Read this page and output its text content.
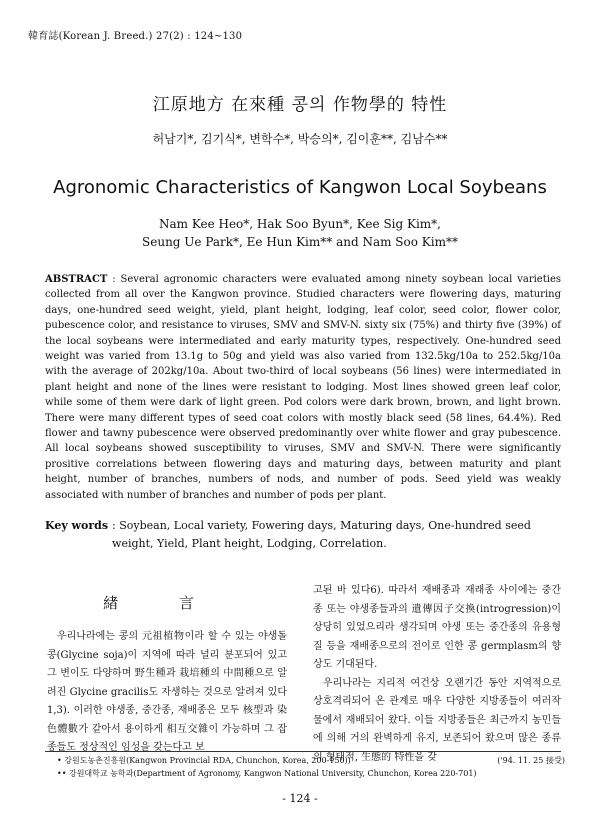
韓育誌(Korean J. Breed.) 27(2) : 124~130
江原地方 在來種 콩의 作物學的 特性
허남기*, 김기식*, 변학수*, 박승의*, 김이훈**, 김남수**
Agronomic Characteristics of Kangwon Local Soybeans
Nam Kee Heo*, Hak Soo Byun*, Kee Sig Kim*,
Seung Ue Park*, Ee Hun Kim** and Nam Soo Kim**
ABSTRACT : Several agronomic characters were evaluated among ninety soybean local varieties collected from all over the Kangwon province. Studied characters were flowering days, maturing days, one-hundred seed weight, yield, plant height, lodging, leaf color, seed color, flower color, pubescence color, and resistance to viruses, SMV and SMV-N. sixty six (75%) and thirty five (39%) of the local soybeans were intermediated and early maturity types, respectively. One-hundred seed weight was varied from 13.1g to 50g and yield was also varied from 132.5kg/10a to 252.5kg/10a with the average of 202kg/10a. About two-third of local soybeans (56 lines) were intermediated in plant height and none of the lines were resistant to lodging. Most lines showed green leaf color, while some of them were dark of light green. Pod colors were dark brown, brown, and light brown. There were many different types of seed coat colors with mostly black seed (58 lines, 64.4%). Red flower and tawny pubescence were observed predominantly over white flower and gray pubescence. All local soybeans showed susceptibility to viruses, SMV and SMV-N. There were significantly prositive correlations between flowering days and maturing days, between maturity and plant height, number of branches, numbers of nods, and number of pods. Seed yield was weakly associated with number of branches and number of pods per plant.
Key words : Soybean, Local variety, Fowering days, Maturing days, One-hundred seed weight, Yield, Plant height, Lodging, Correlation.
緖 言
우리나라에는 콩의 元祖植物이라 할 수 있는 야생돌콩(Glycine soja)이 지역에 따라 널리 분포되어 있고 그 변이도 다양하며 野生種과 栽培種의 中間種으로 알려진 Glycine gracilis도 자생하는 것으로 알려져 있다1,3). 이러한 야생종, 중간종, 재배종은 모두 核型과 染色體數가 같아서 용이하게 相互交雜이 가능하며 그 잡종들도 정상적인 임성을 갖는다고 보
고된 바 있다6). 따라서 재배종과 재래종 사이에는 중간종 또는 야생종들과의 遺傳因子交換(introgression)이 상당히 있었으리라 생각되며 야생 또는 중간종의 유용형질 등을 재배종으로의 전이로 인한 콩 germplasm의 향상도 기대된다.
우리나라는 지리적 여건상 오랜기간 동안 지역적으로 상호격리되어 온 관계로 매우 다양한 지방종들이 여러작물에서 재배되어 왔다. 이들 지방종들은 최근까지 농민들에 의해 거의 완벽하게 유지, 보존되어 왔으며 많은 종류의 형태적, 生態的 特性을 갖
• 강원도농촌진흥원(Kangwon Provincial RDA, Chunchon, Korea, 200-150))	('94. 11. 25 接受)
•• 강원대학교 농학과(Department of Agronomy, Kangwon National University, Chunchon, Korea 220-701)
- 124 -
